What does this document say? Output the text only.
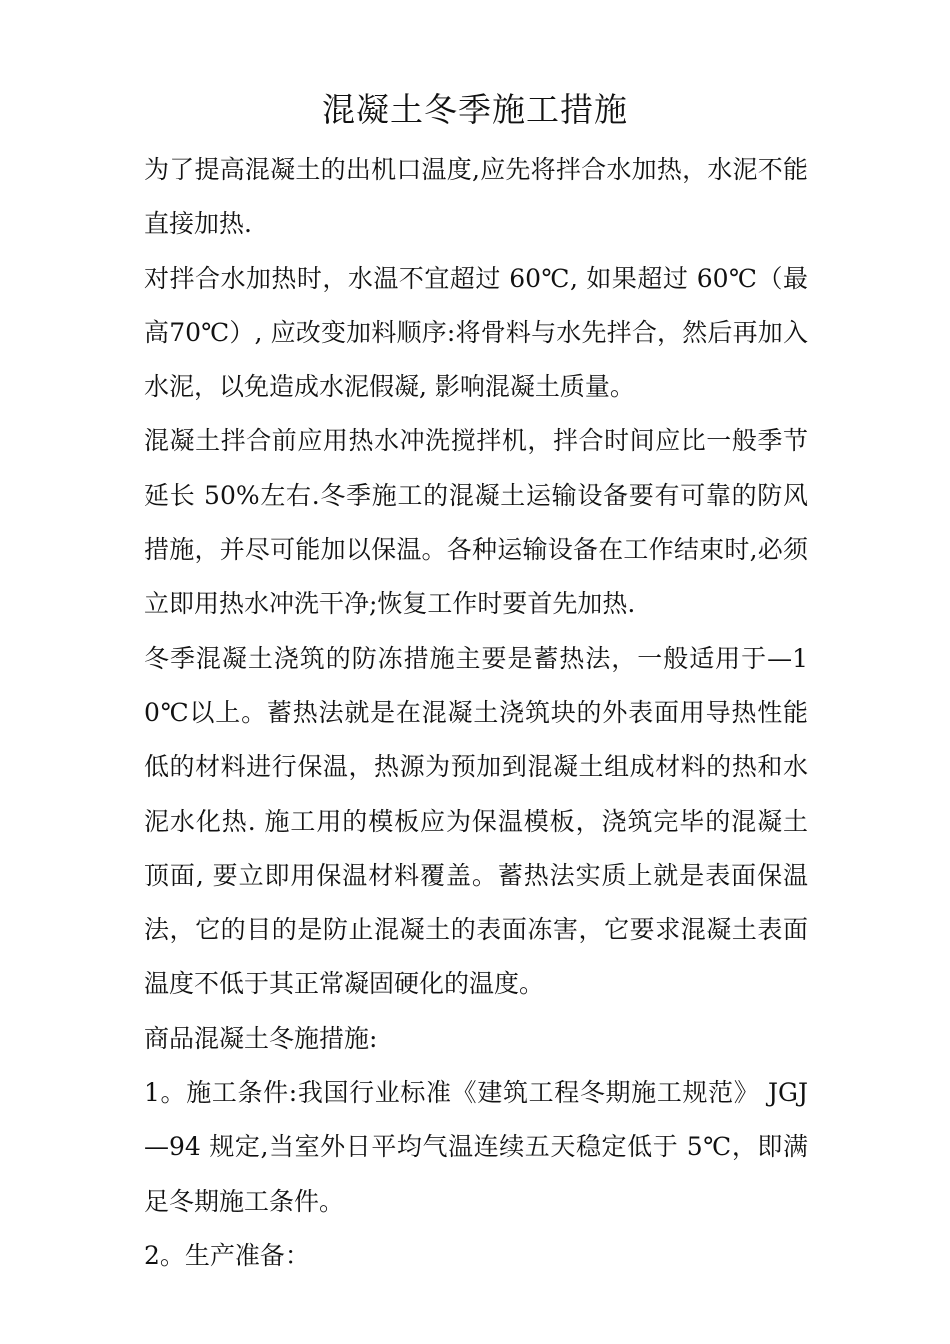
混凝土冬季施工措施

为了提高混凝土的出机口温度,应先将拌合水加热，水泥不能直接加热.

对拌合水加热时，水温不宜超过 60℃, 如果超过 60℃（最高70℃）, 应改变加料顺序:将骨料与水先拌合，然后再加入水泥，以免造成水泥假凝, 影响混凝土质量。

混凝土拌合前应用热水冲洗搅拌机，拌合时间应比一般季节延长 50%左右.冬季施工的混凝土运输设备要有可靠的防风措施，并尽可能加以保温。各种运输设备在工作结束时,必须立即用热水冲洗干净;恢复工作时要首先加热.

冬季混凝土浇筑的防冻措施主要是蓄热法，一般适用于—10℃以上。蓄热法就是在混凝土浇筑块的外表面用导热性能低的材料进行保温，热源为预加到混凝土组成材料的热和水泥水化热. 施工用的模板应为保温模板，浇筑完毕的混凝土顶面, 要立即用保温材料覆盖。蓄热法实质上就是表面保温法，它的目的是防止混凝土的表面冻害，它要求混凝土表面温度不低于其正常凝固硬化的温度。

商品混凝土冬施措施:

1。施工条件:我国行业标准《建筑工程冬期施工规范》 JGJ—94 规定,当室外日平均气温连续五天稳定低于 5℃，即满足冬期施工条件。

2。生产准备：
